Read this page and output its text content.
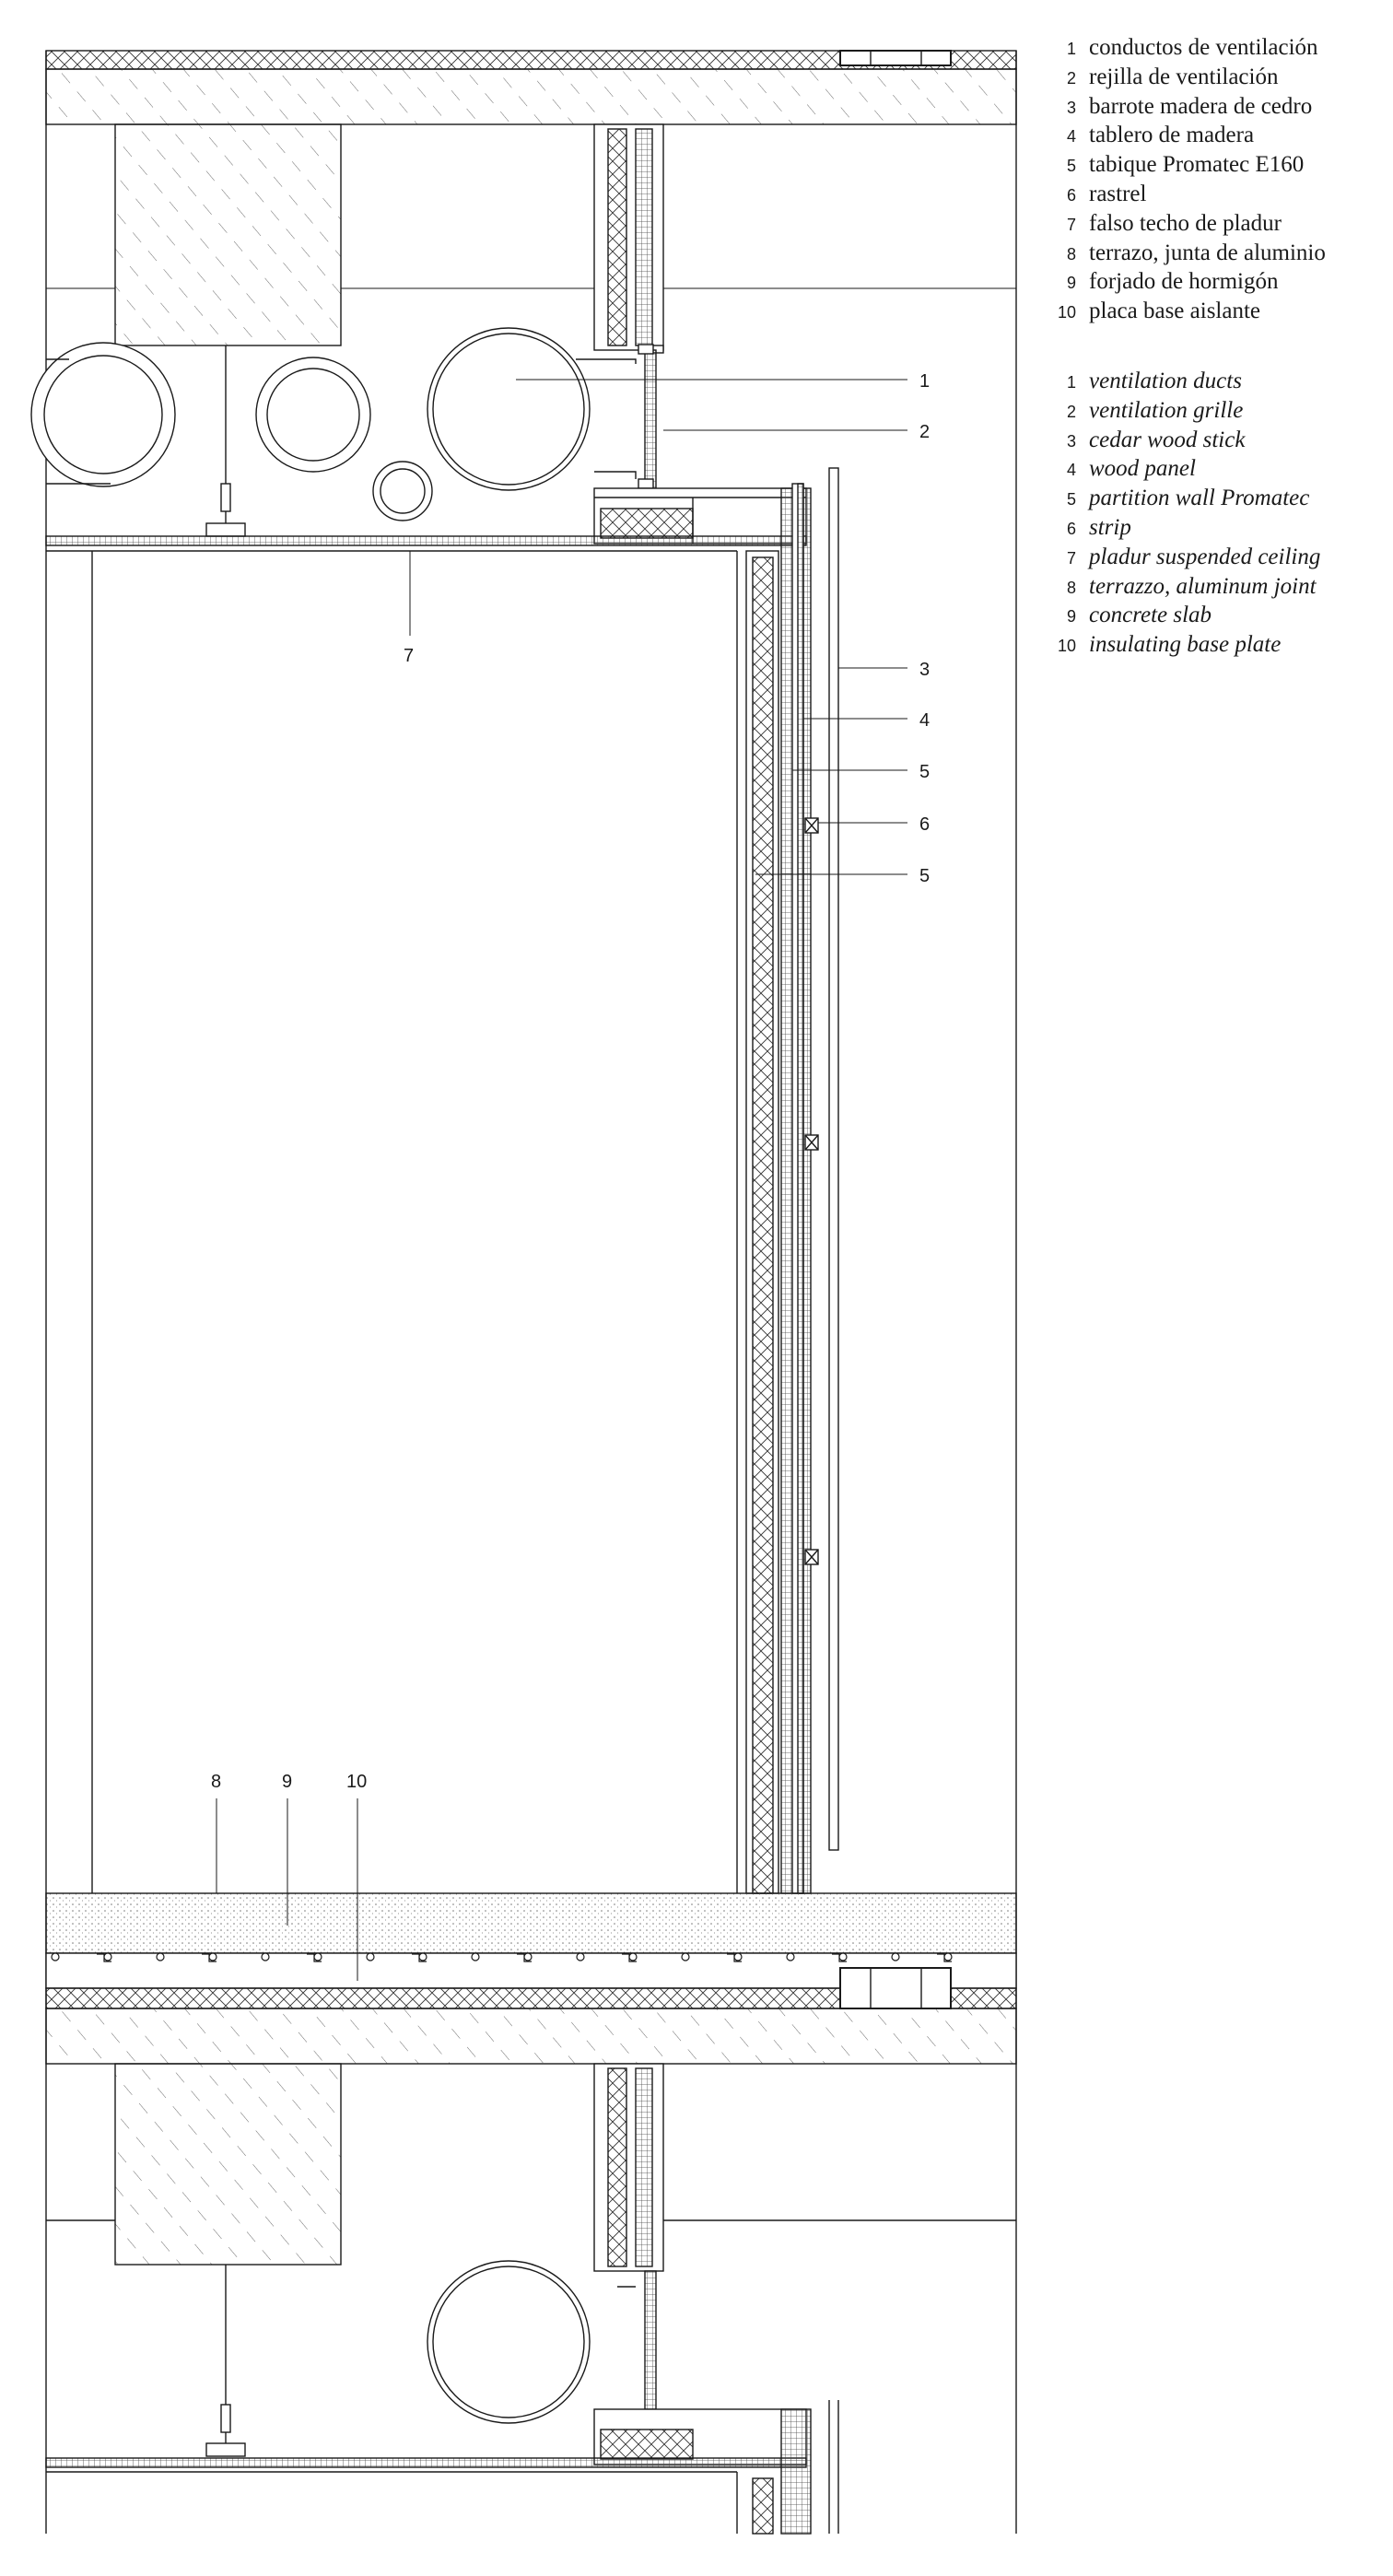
1
2
3
4
5
6
5
7
8	9	10
1 conductos de ventilación
2 rejilla de ventilación
3 barrote madera de cedro
4 tablero de madera
5 tabique Promatec E160
6 rastrel
7 falso techo de pladur
8 terrazo, junta de aluminio
9 forjado de hormigón
10 placa base aislante
1 ventilation ducts
2 ventilation grille
3 cedar wood stick
4 wood panel
5 partition wall Promatec
6 strip
7 pladur suspended ceiling
8 terrazzo, aluminum joint
9 concrete slab
10 insulating base plate
